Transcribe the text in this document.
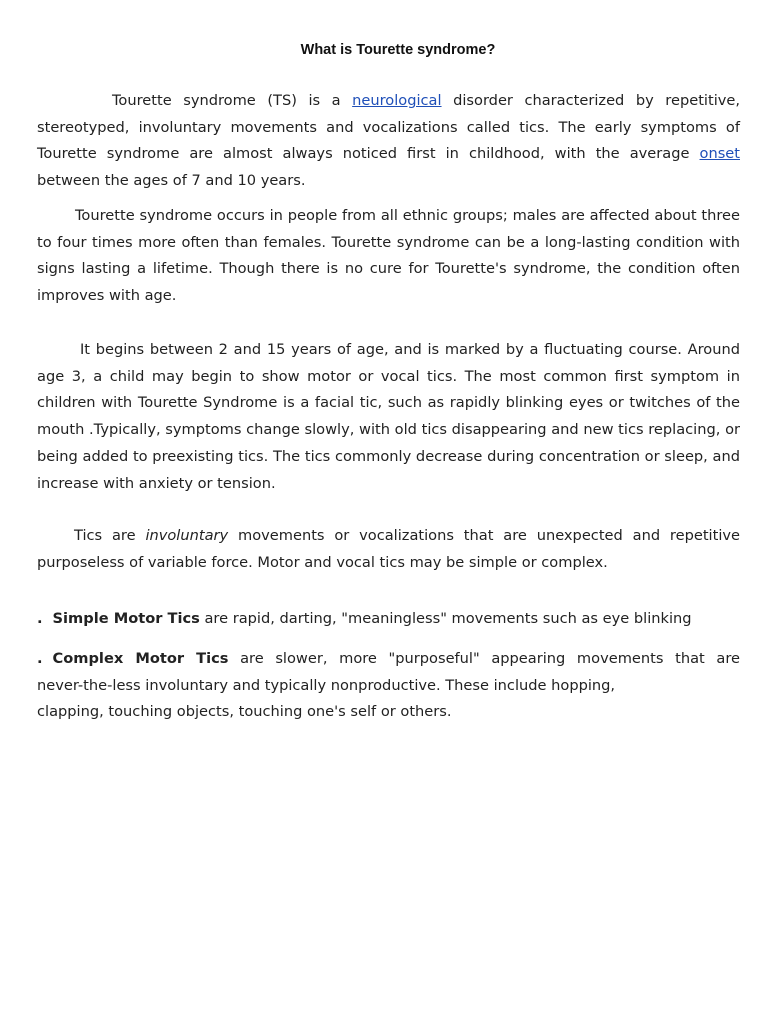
What is Tourette syndrome?
Tourette syndrome (TS) is a neurological disorder characterized by repetitive, stereotyped, involuntary movements and vocalizations called tics. The early symptoms of Tourette syndrome are almost always noticed first in childhood, with the average onset between the ages of 7 and 10 years.
Tourette syndrome occurs in people from all ethnic groups; males are affected about three to four times more often than females. Tourette syndrome can be a long-lasting condition with signs lasting a lifetime. Though there is no cure for Tourette's syndrome, the condition often improves with age.
It begins between 2 and 15 years of age, and is marked by a fluctuating course. Around age 3, a child may begin to show motor or vocal tics. The most common first symptom in children with Tourette Syndrome is a facial tic, such as rapidly blinking eyes or twitches of the mouth .Typically, symptoms change slowly, with old tics disappearing and new tics replacing, or being added to preexisting tics. The tics commonly decrease during concentration or sleep, and increase with anxiety or tension.
Tics are involuntary movements or vocalizations that are unexpected and repetitive purposeless of variable force. Motor and vocal tics may be simple or complex.
. Simple Motor Tics are rapid, darting, "meaningless" movements such as eye blinking
. Complex Motor Tics are slower, more "purposeful" appearing movements that are
never-the-less involuntary and typically nonproductive. These include hopping,
clapping, touching objects, touching one's self or others.
